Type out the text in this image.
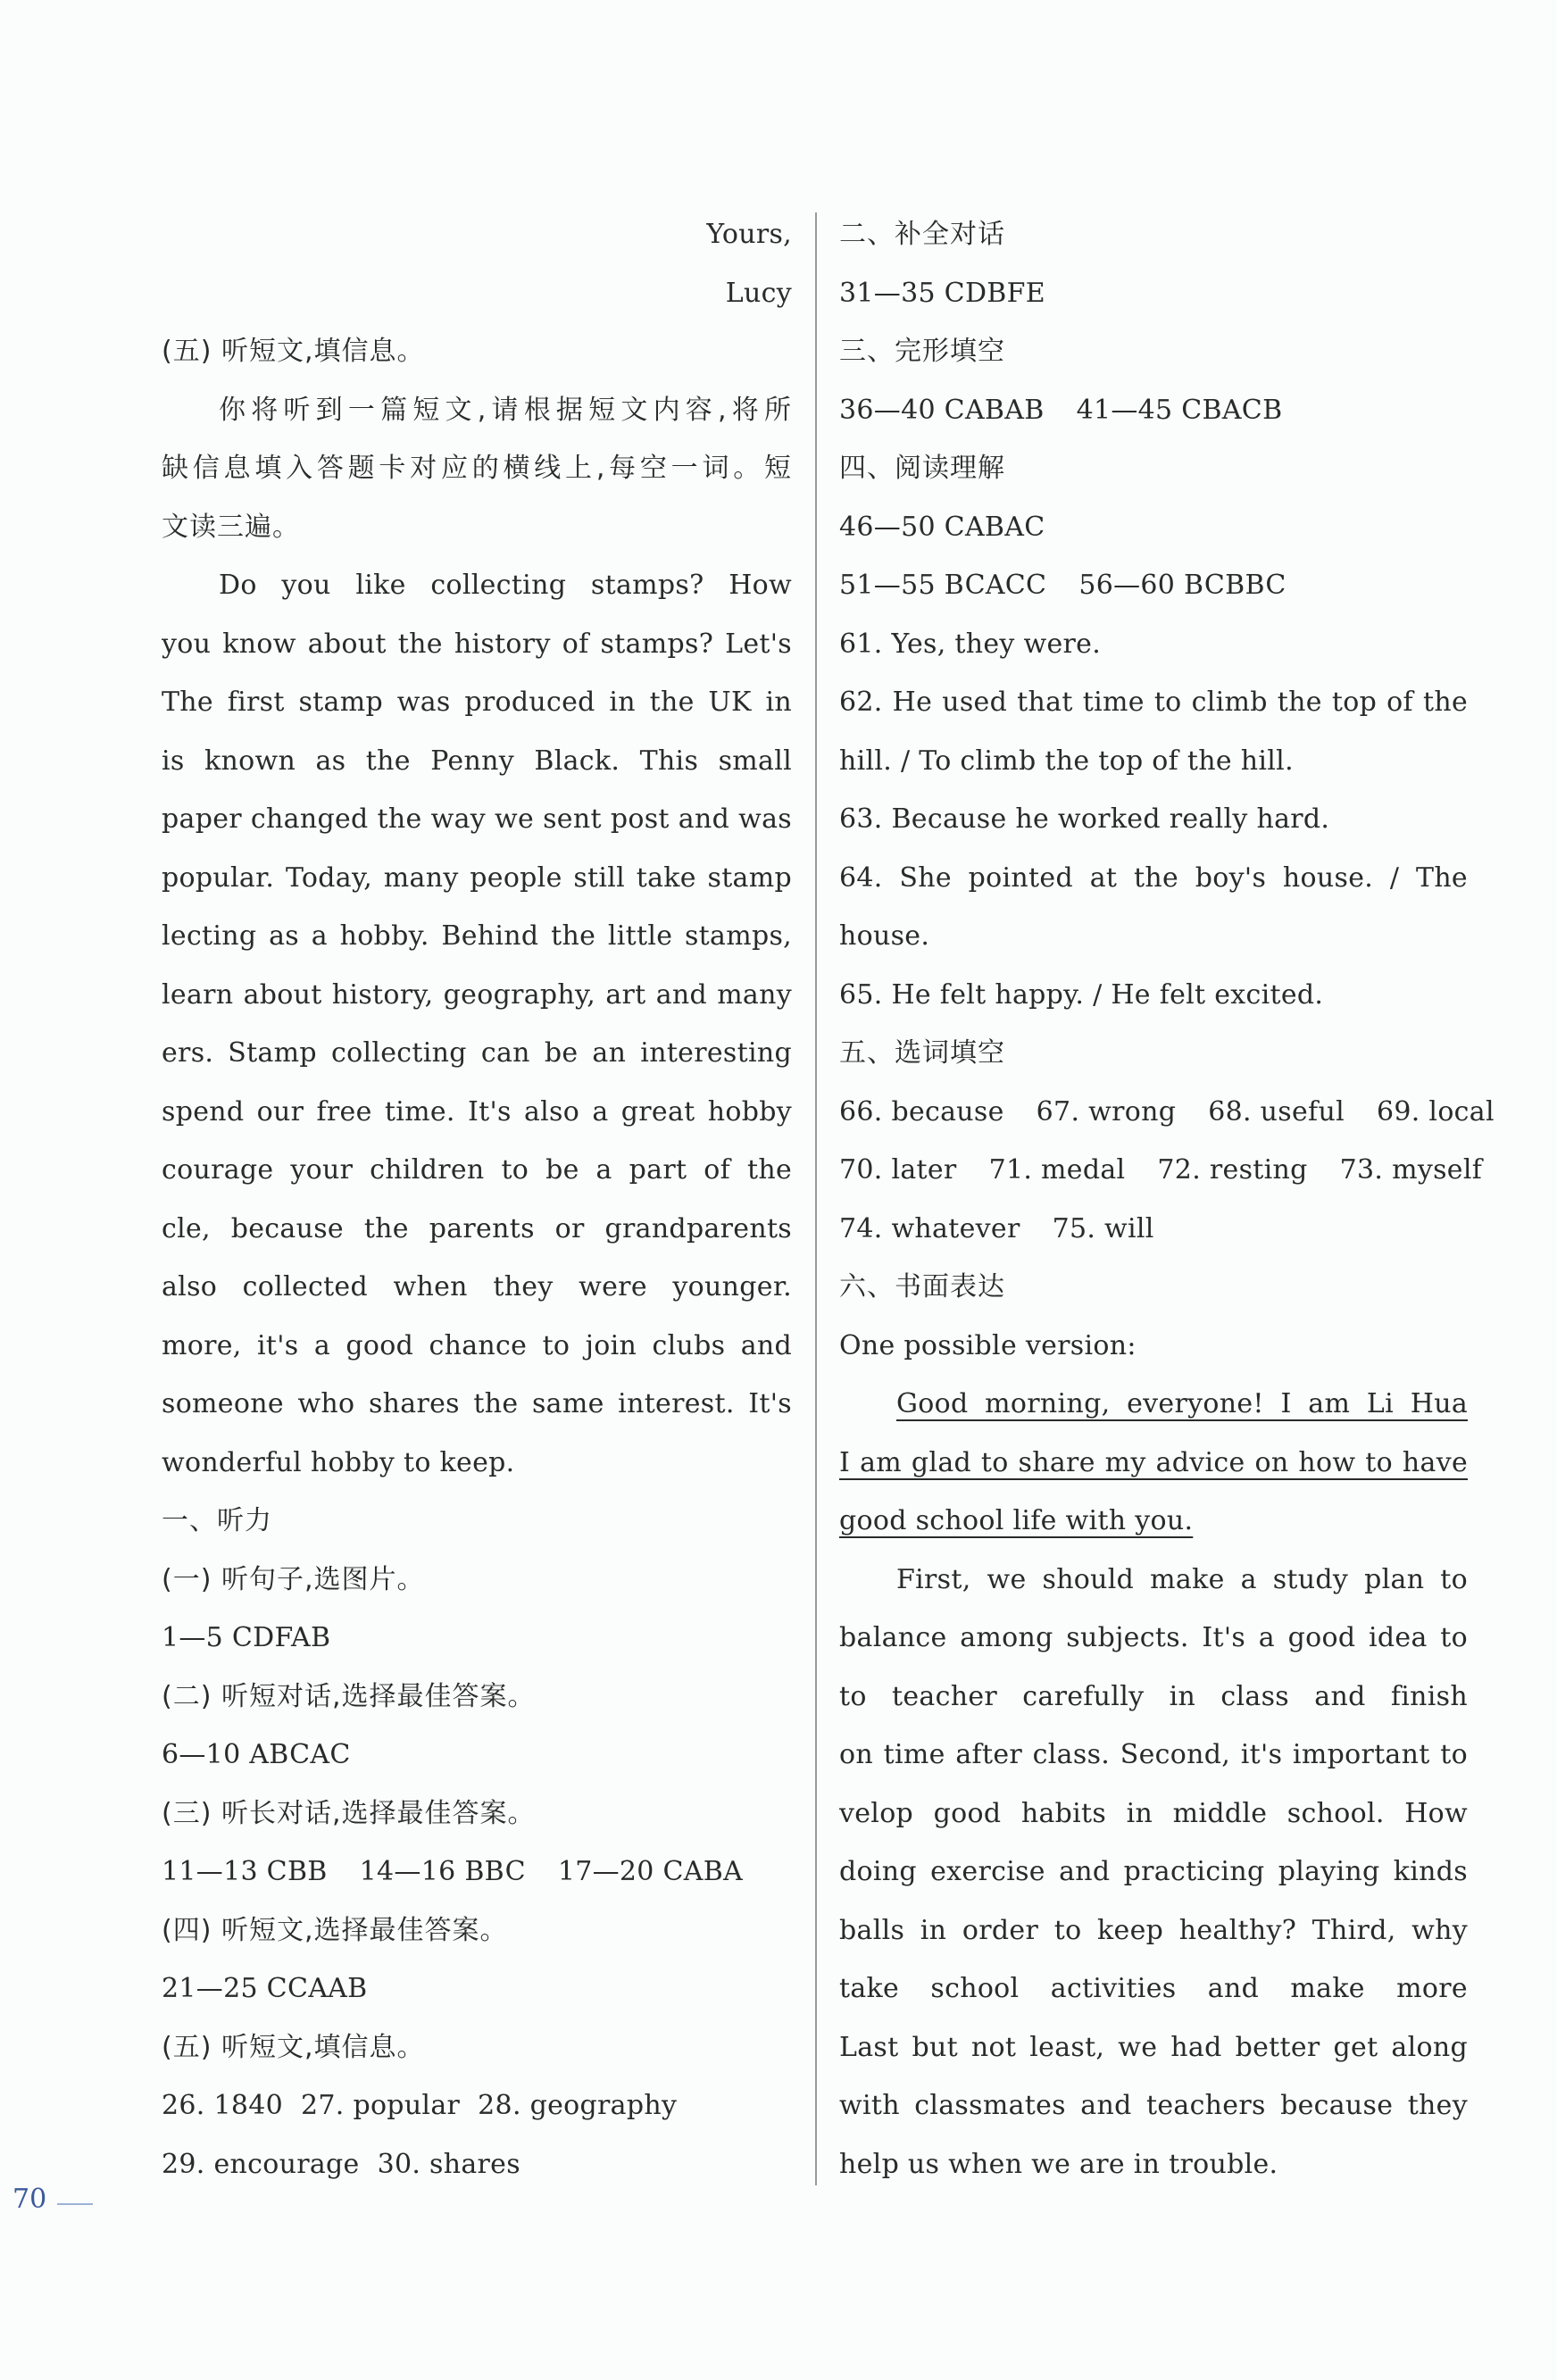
Yours,
Lucy
(五) 听短文,填信息。
你将听到一篇短文,请根据短文内容,将所
缺信息填入答题卡对应的横线上,每空一词。短
文读三遍。
Do you like collecting stamps? How
you know about the history of stamps? Let's
The first stamp was produced in the UK in
is known as the Penny Black. This small
paper changed the way we sent post and was
popular. Today, many people still take stamp
lecting as a hobby. Behind the little stamps,
learn about history, geography, art and many
ers. Stamp collecting can be an interesting
spend our free time. It's also a great hobby
courage your children to be a part of the
cle, because the parents or grandparents
also collected when they were younger.
more, it's a good chance to join clubs and
someone who shares the same interest. It's
wonderful hobby to keep.
一、听力
(一) 听句子,选图片。
1—5 CDFAB
(二) 听短对话,选择最佳答案。
6—10 ABCAC
(三) 听长对话,选择最佳答案。
11—13 CBB 14—16 BBC 17—20 CABA
(四) 听短文,选择最佳答案。
21—25 CCAAB
(五) 听短文,填信息。
26. 1840 27. popular 28. geography
29. encourage 30. shares
二、补全对话
31—35 CDBFE
三、完形填空
36—40 CABAB 41—45 CBACB
四、阅读理解
46—50 CABAC
51—55 BCACC 56—60 BCBBC
61. Yes, they were.
62. He used that time to climb the top of the
hill. / To climb the top of the hill.
63. Because he worked really hard.
64. She pointed at the boy's house. / The
house.
65. He felt happy. / He felt excited.
五、选词填空
66. because 67. wrong 68. useful 69. local
70. later 71. medal 72. resting 73. myself
74. whatever 75. will
六、书面表达
One possible version:
Good morning, everyone! I am Li Hua
I am glad to share my advice on how to have
good school life with you.
First, we should make a study plan to
balance among subjects. It's a good idea to
to teacher carefully in class and finish
on time after class. Second, it's important to
velop good habits in middle school. How
doing exercise and practicing playing kinds
balls in order to keep healthy? Third, why
take school activities and make more
Last but not least, we had better get along
with classmates and teachers because they
help us when we are in trouble.
70
